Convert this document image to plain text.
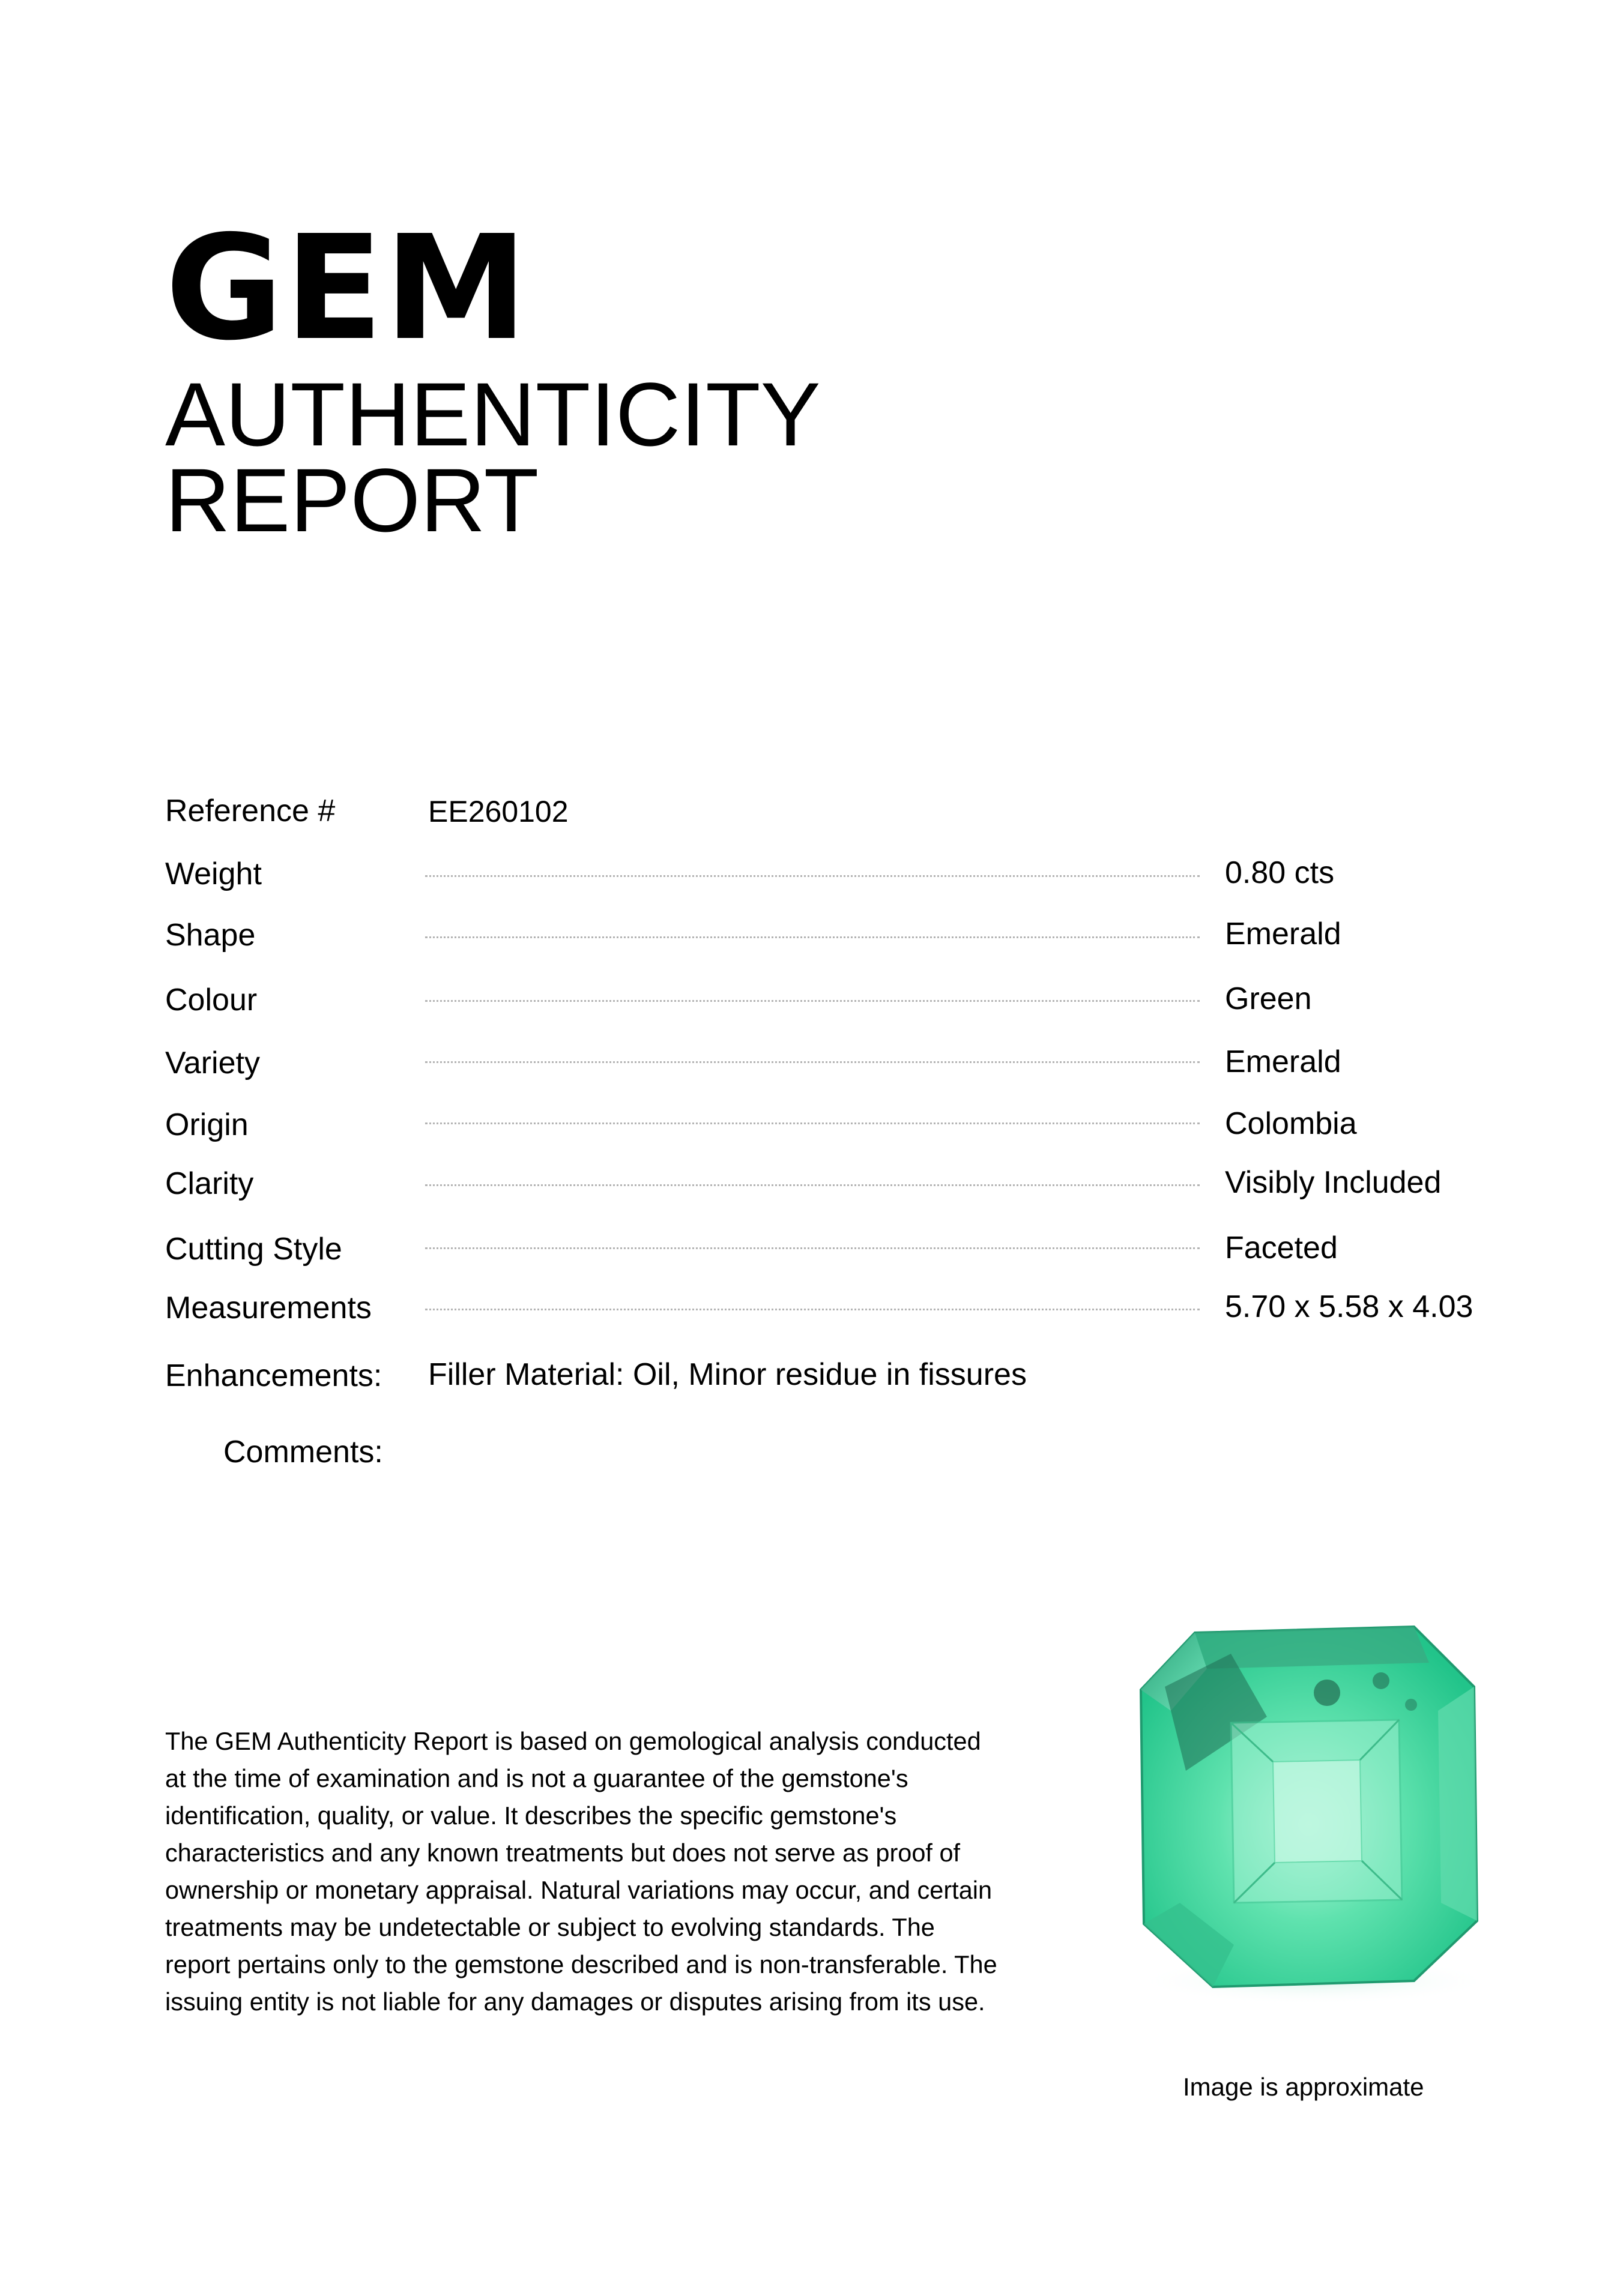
GEM
AUTHENTICITY
REPORT
Reference #	EE260102
Weight	0.80 cts
Shape	Emerald
Colour	Green
Variety	Emerald
Origin	Colombia
Clarity	Visibly Included
Cutting Style	Faceted
Measurements	5.70 x 5.58 x 4.03
Enhancements: Filler Material: Oil, Minor residue in fissures
Comments:
The GEM Authenticity Report is based on gemological analysis conducted at the time of examination and is not a guarantee of the gemstone's identification, quality, or value. It describes the specific gemstone's characteristics and any known treatments but does not serve as proof of ownership or monetary appraisal. Natural variations may occur, and certain treatments may be undetectable or subject to evolving standards. The report pertains only to the gemstone described and is non-transferable. The issuing entity is not liable for any damages or disputes arising from its use.
Image is approximate
